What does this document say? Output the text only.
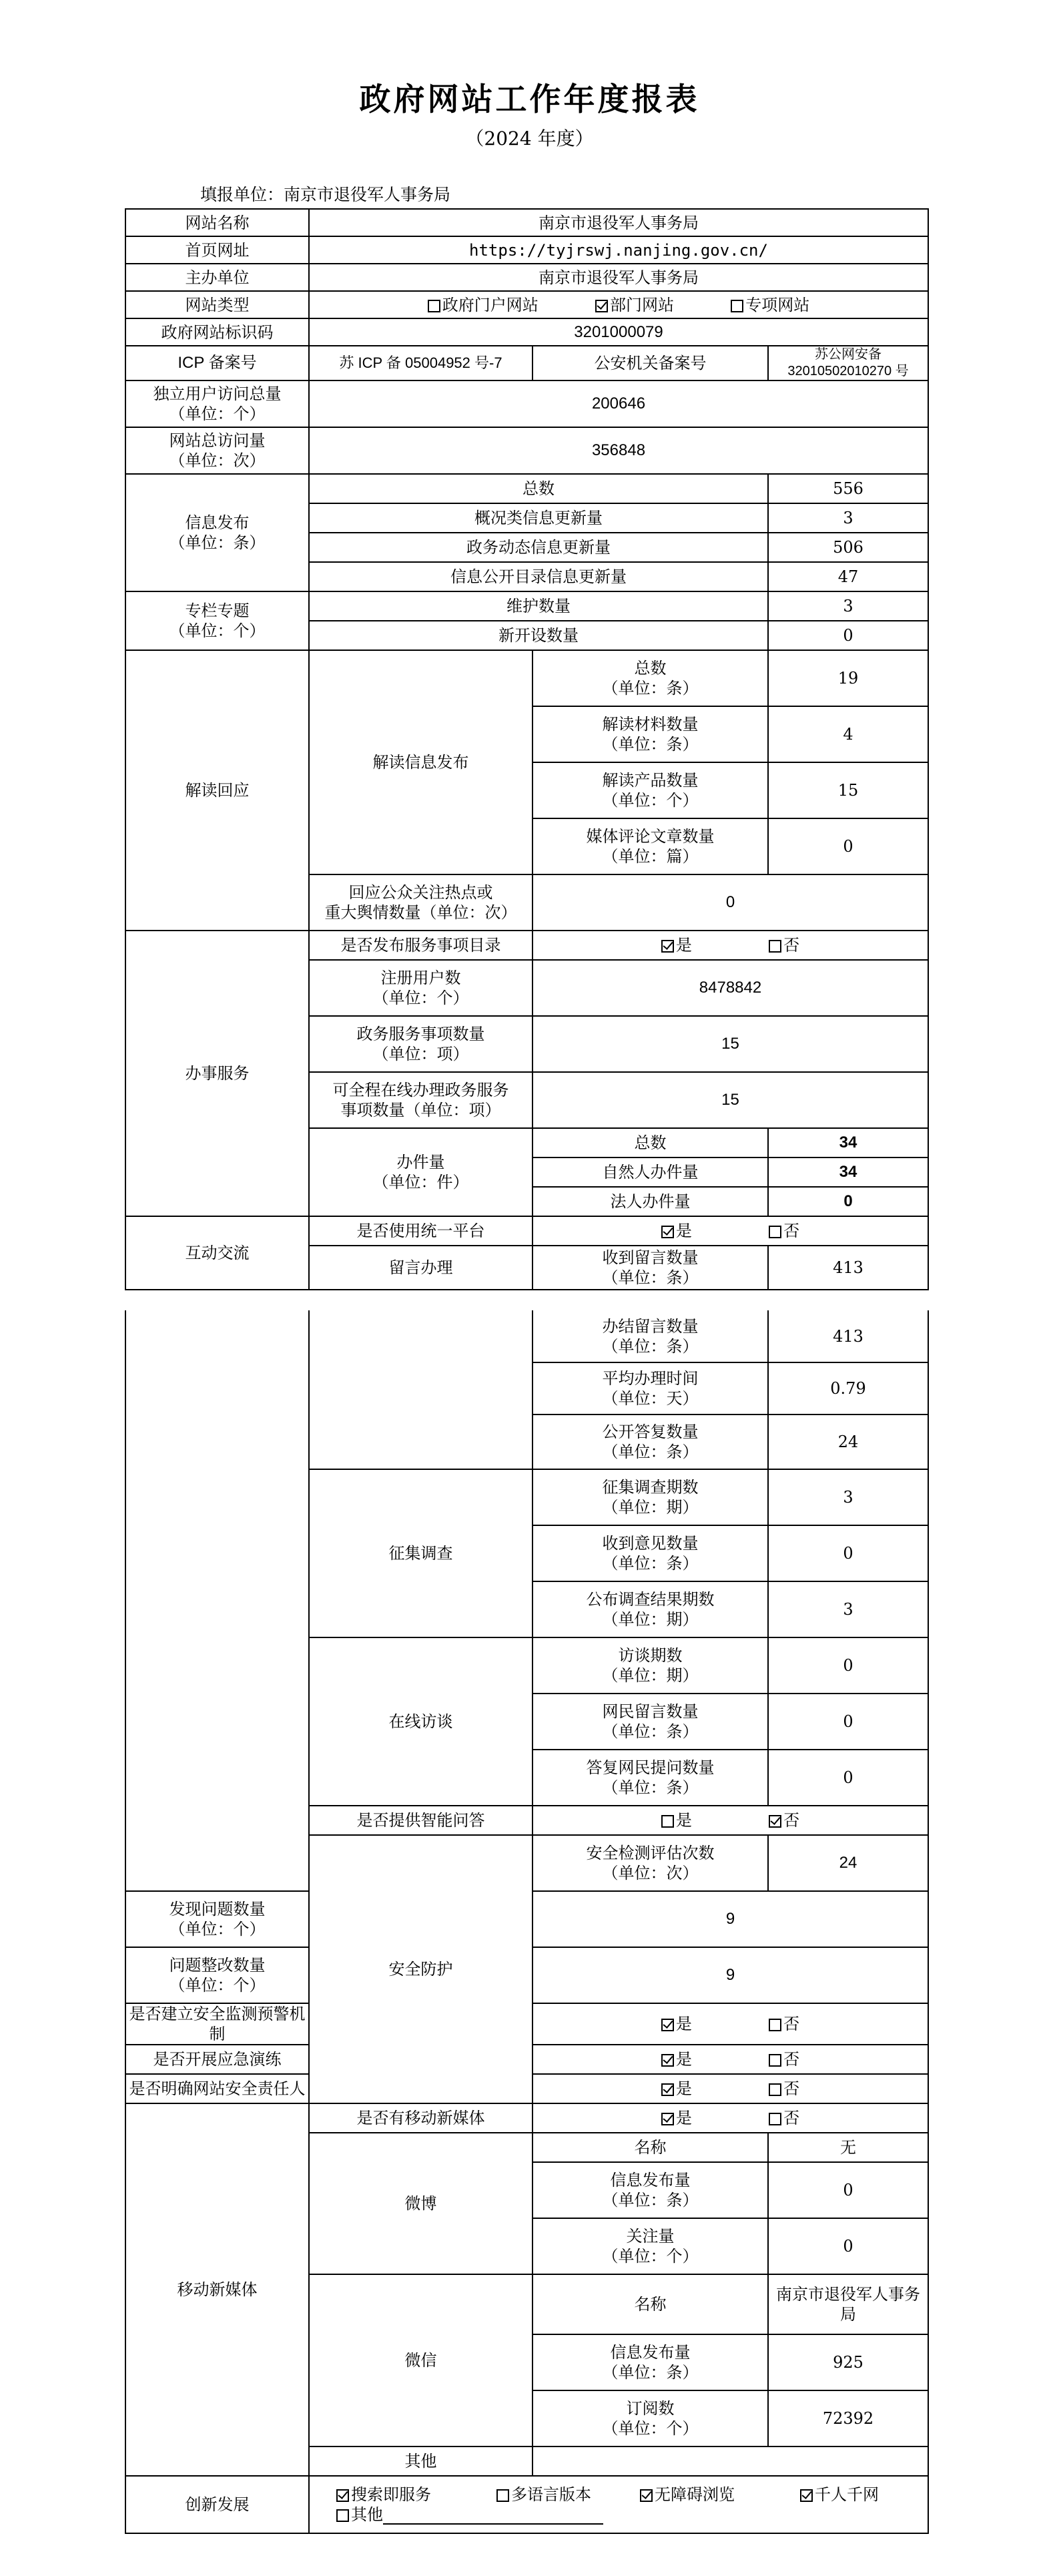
政府网站工作年度报表
（2024 年度）
填报单位：南京市退役军人事务局
网站名称	南京市退役军人事务局		
首页网址	https://tyjrswj.nanjing.gov.cn/		
主办单位	南京市退役军人事务局		
网站类型	政府门户网站 部门网站 专项网站		
政府网站标识码	3201000079		
ICP 备案号	苏 ICP 备 05004952 号-7	公安机关备案号	苏公网安备 32010502010270 号
独立用户访问总量
（单位：个）	200646		
网站总访问量
（单位：次）	356848		
信息发布
（单位：条）	总数		556
	概况类信息更新量		3
	政务动态信息更新量		506
	信息公开目录信息更新量		47
专栏专题
（单位：个）	维护数量		3
	新开设数量		0
解读回应	解读信息发布	总数
（单位：条）	19
		解读材料数量
（单位：条）	4
		解读产品数量
（单位：个）	15
		媒体评论文章数量
（单位：篇）	0
	回应公众关注热点或
重大舆情数量（单位：次）	0	
办事服务	是否发布服务事项目录	是 否	
	注册用户数
（单位：个）	8478842	
	政务服务事项数量
（单位：项）	15	
	可全程在线办理政务服务
事项数量（单位：项）	15	
	办件量
（单位：件）	总数	34
		自然人办件量	34
		法人办件量	0
互动交流	是否使用统一平台	是 否	
	留言办理	收到留言数量
（单位：条）	413
		办结留言数量
（单位：条）	413
		平均办理时间
（单位：天）	0.79
		公开答复数量
（单位：条）	24
	征集调查	征集调查期数
（单位：期）	3
		收到意见数量
（单位：条）	0
		公布调查结果期数
（单位：期）	3
	在线访谈	访谈期数
（单位：期）	0
		网民留言数量
（单位：条）	0
		答复网民提问数量
（单位：条）	0
	是否提供智能问答	是 否	
	安全防护	安全检测评估次数
（单位：次）	24
发现问题数量
（单位：个）		9	
问题整改数量
（单位：个）		9	
是否建立安全监测预警机制		是 否	
是否开展应急演练		是 否	
是否明确网站安全责任人		是 否	
移动新媒体	是否有移动新媒体	是 否	
	微博	名称	无
		信息发布量
（单位：条）	0
		关注量
（单位：个）	0
	微信	名称	南京市退役军人事务局
		信息发布量
（单位：条）	925
		订阅数
（单位：个）	72392
	其他		
创新发展	搜索即服务 多语言版本 无障碍浏览 千人千网
其他		
